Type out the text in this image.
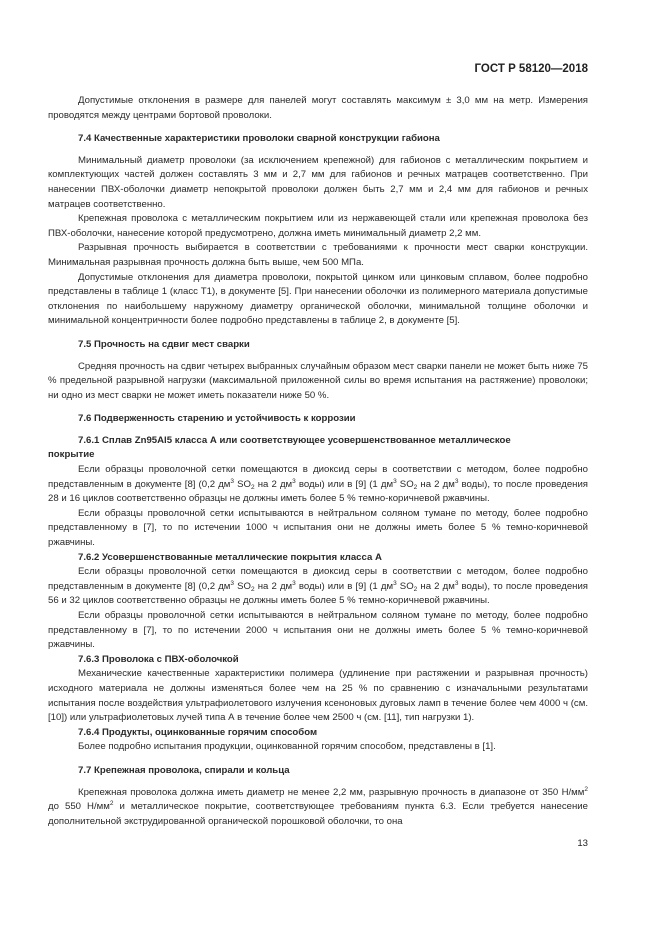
ГОСТ Р 58120—2018

Допустимые отклонения в размере для панелей могут составлять максимум ± 3,0 мм на метр. Измерения проводятся между центрами бортовой проволоки.

7.4 Качественные характеристики проволоки сварной конструкции габиона

Минимальный диаметр проволоки (за исключением крепежной) для габионов с металлическим покрытием и комплектующих частей должен составлять 3 мм и 2,7 мм для габионов и речных матрацев соответственно. При нанесении ПВХ-оболочки диаметр непокрытой проволоки должен быть 2,7 мм и 2,4 мм для габионов и речных матрацев соответственно.

Крепежная проволока с металлическим покрытием или из нержавеющей стали или крепежная проволока без ПВХ-оболочки, нанесение которой предусмотрено, должна иметь минимальный диаметр 2,2 мм.

Разрывная прочность выбирается в соответствии с требованиями к прочности мест сварки конструкции. Минимальная разрывная прочность должна быть выше, чем 500 МПа.

Допустимые отклонения для диаметра проволоки, покрытой цинком или цинковым сплавом, более подробно представлены в таблице 1 (класс Т1), в документе [5]. При нанесении оболочки из полимерного материала допустимые отклонения по наибольшему наружному диаметру органической оболочки, минимальной толщине оболочки и минимальной концентричности более подробно представлены в таблице 2, в документе [5].

7.5 Прочность на сдвиг мест сварки

Средняя прочность на сдвиг четырех выбранных случайным образом мест сварки панели не может быть ниже 75 % предельной разрывной нагрузки (максимальной приложенной силы во время испытания на растяжение) проволоки; ни одно из мест сварки не может иметь показатели ниже 50 %.

7.6 Подверженность старению и устойчивость к коррозии
7.6.1 Сплав Zn95Al5 класса А или соответствующее усовершенствованное металлическое
покрытие

Если образцы проволочной сетки помещаются в диоксид серы в соответствии с методом, более подробно представленным в документе [8] (0,2 $дм^3$ $SO_2$ на 2 $дм^3$ воды) или в [9] (1 $дм^3$ $SO_2$ на 2 $дм^3$ воды), то после проведения 28 и 16 циклов соответственно образцы не должны иметь более 5 % темно-коричневой ржавчины.

Если образцы проволочной сетки испытываются в нейтральном соляном тумане по методу, более подробно представленному в [7], то по истечении 1000 ч испытания они не должны иметь более 5 % темно-коричневой ржавчины.

7.6.2 Усовершенствованные металлические покрытия класса А

Если образцы проволочной сетки помещаются в диоксид серы в соответствии с методом, более подробно представленным в документе [8] (0,2 $дм^3$ $SO_2$ на 2 $дм^3$ воды) или в [9] (1 $дм^3$ $SO_2$ на 2 $дм^3$ воды), то после проведения 56 и 32 циклов соответственно образцы не должны иметь более 5 % темно-коричневой ржавчины.

Если образцы проволочной сетки испытываются в нейтральном соляном тумане по методу, более подробно представленному в [7], то по истечении 2000 ч испытания они не должны иметь более 5 % темно-коричневой ржавчины.

7.6.3 Проволока с ПВХ-оболочкой

Механические качественные характеристики полимера (удлинение при растяжении и разрывная прочность) исходного материала не должны изменяться более чем на 25 % по сравнению с изначальными результатами испытания после воздействия ультрафиолетового излучения ксеноновых дуговых ламп в течение более чем 4000 ч (см. [10]) или ультрафиолетовых лучей типа А в течение более чем 2500 ч (см. [11], тип нагрузки 1).

7.6.4 Продукты, оцинкованные горячим способом

Более подробно испытания продукции, оцинкованной горячим способом, представлены в [1].

7.7 Крепежная проволока, спирали и кольца

Крепежная проволока должна иметь диаметр не менее 2,2 мм, разрывную прочность в диапазоне от 350 $Н/мм^2$ до 550 $Н/мм^2$ и металлическое покрытие, соответствующее требованиям пункта 6.3. Если требуется нанесение дополнительной экструдированной органической порошковой оболочки, то она

13
